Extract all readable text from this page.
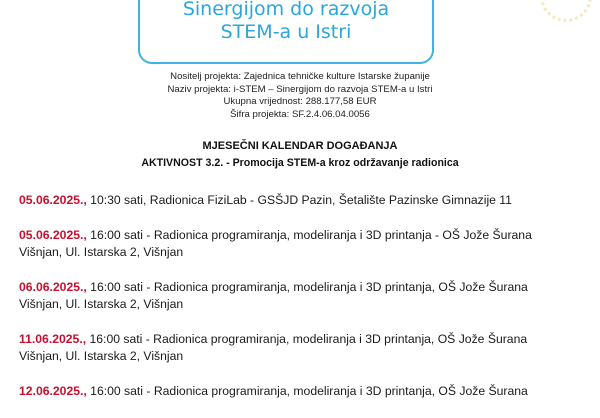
Sinergijom do razvoja
STEM-a u Istri
Nositelj projekta: Zajednica tehničke kulture Istarske županije
Naziv projekta: i-STEM – Sinergijom do razvoja STEM-a u Istri
Ukupna vrijednost: 288.177,58 EUR
Šifra projekta: SF.2.4.06.04.0056
MJESEČNI KALENDAR DOGAĐANJA
AKTIVNOST 3.2. - Promocija STEM-a kroz održavanje radionica
05.06.2025., 10:30 sati, Radionica FiziLab - GSŠJD Pazin, Šetalište Pazinske Gimnazije 11
05.06.2025., 16:00 sati - Radionica programiranja, modeliranja i 3D printanja - OŠ Jože Šurana
Višnjan, Ul. Istarska 2, Višnjan
06.06.2025., 16:00 sati - Radionica programiranja, modeliranja i 3D printanja, OŠ Jože Šurana
Višnjan, Ul. Istarska 2, Višnjan
11.06.2025., 16:00 sati - Radionica programiranja, modeliranja i 3D printanja, OŠ Jože Šurana
Višnjan, Ul. Istarska 2, Višnjan
12.06.2025., 16:00 sati - Radionica programiranja, modeliranja i 3D printanja, OŠ Jože Šurana
